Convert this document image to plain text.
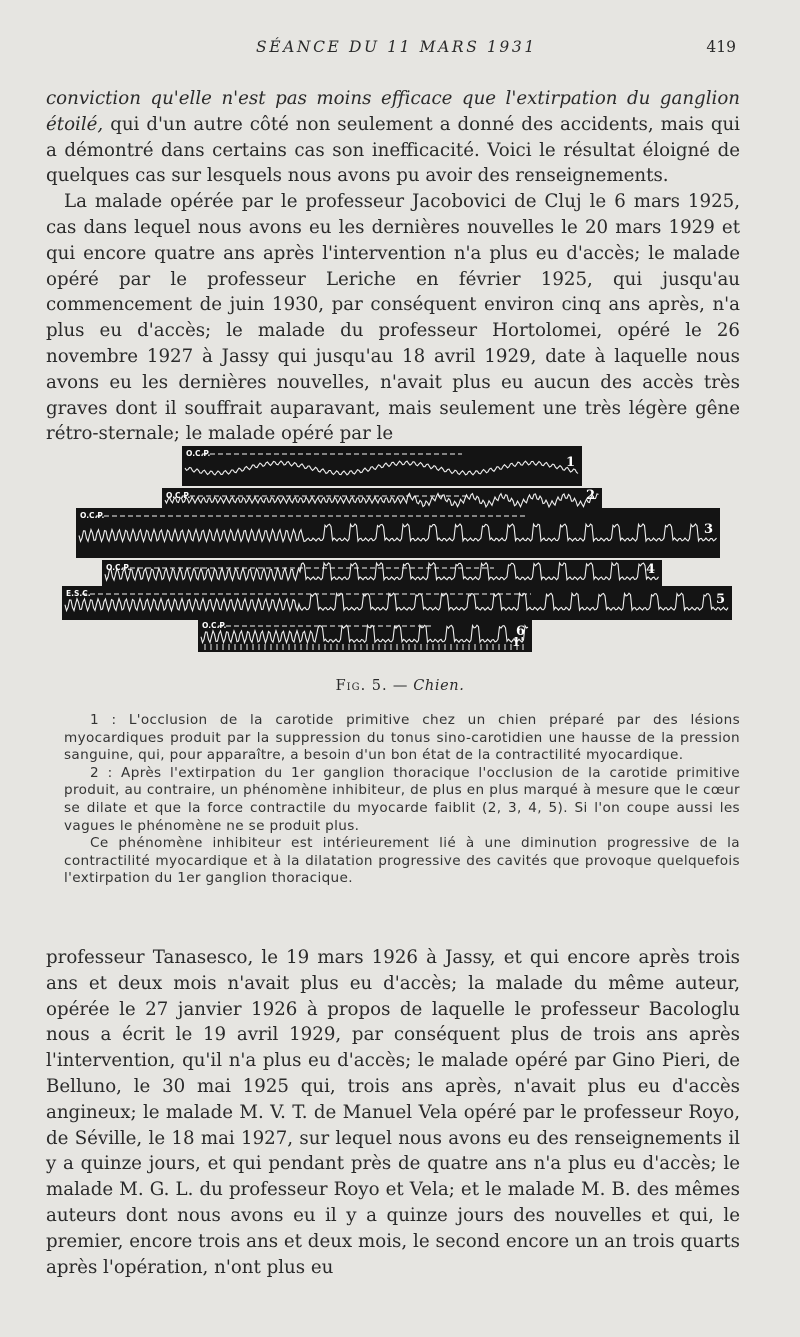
SÉANCE DU 11 MARS 1931	419

conviction qu'elle n'est pas moins efficace que l'extirpation du ganglion étoilé, qui d'un autre côté non seulement a donné des accidents, mais qui a démontré dans certains cas son inefficacité. Voici le résultat éloigné de quelques cas sur lesquels nous avons pu avoir des renseignements.
La malade opérée par le professeur Jacobovici de Cluj le 6 mars 1925, cas dans lequel nous avons eu les dernières nouvelles le 20 mars 1929 et qui encore quatre ans après l'intervention n'a plus eu d'accès; le malade opéré par le professeur Leriche en février 1925, qui jusqu'au commencement de juin 1930, par conséquent environ cinq ans après, n'a plus eu d'accès; le malade du professeur Hortolomei, opéré le 26 novembre 1927 à Jassy qui jusqu'au 18 avril 1929, date à laquelle nous avons eu les dernières nouvelles, n'avait plus eu aucun des accès très graves dont il souffrait auparavant, mais seulement une très légère gêne rétro-sternale; le malade opéré par le

1
O.C.P.
2
O.C.P.
3
O.C.P.
4
O.C.P.
5
E.S.C.
6
O.C.P.
1'
Fig. 5. — Chien.

1 : L'occlusion de la carotide primitive chez un chien préparé par des lésions myocardiques produit par la suppression du tonus sino-carotidien une hausse de la pression sanguine, qui, pour apparaître, a besoin d'un bon état de la contractilité myocardique.

2 : Après l'extirpation du 1er ganglion thoracique l'occlusion de la carotide primitive produit, au contraire, un phénomène inhibiteur, de plus en plus marqué à mesure que le cœur se dilate et que la force contractile du myocarde faiblit (2, 3, 4, 5). Si l'on coupe aussi les vagues le phénomène ne se produit plus.

Ce phénomène inhibiteur est intérieurement lié à une diminution progressive de la contractilité myocardique et à la dilatation progressive des cavités que provoque quelquefois l'extirpation du 1er ganglion thoracique.

professeur Tanasesco, le 19 mars 1926 à Jassy, et qui encore après trois ans et deux mois n'avait plus eu d'accès; la malade du même auteur, opérée le 27 janvier 1926 à propos de laquelle le professeur Bacologlu nous a écrit le 19 avril 1929, par conséquent plus de trois ans après l'intervention, qu'il n'a plus eu d'accès; le malade opéré par Gino Pieri, de Belluno, le 30 mai 1925 qui, trois ans après, n'avait plus eu d'accès angineux; le malade M. V. T. de Manuel Vela opéré par le professeur Royo, de Séville, le 18 mai 1927, sur lequel nous avons eu des renseignements il y a quinze jours, et qui pendant près de quatre ans n'a plus eu d'accès; le malade M. G. L. du professeur Royo et Vela; et le malade M. B. des mêmes auteurs dont nous avons eu il y a quinze jours des nouvelles et qui, le premier, encore trois ans et deux mois, le second encore un an trois quarts après l'opération, n'ont plus eu
